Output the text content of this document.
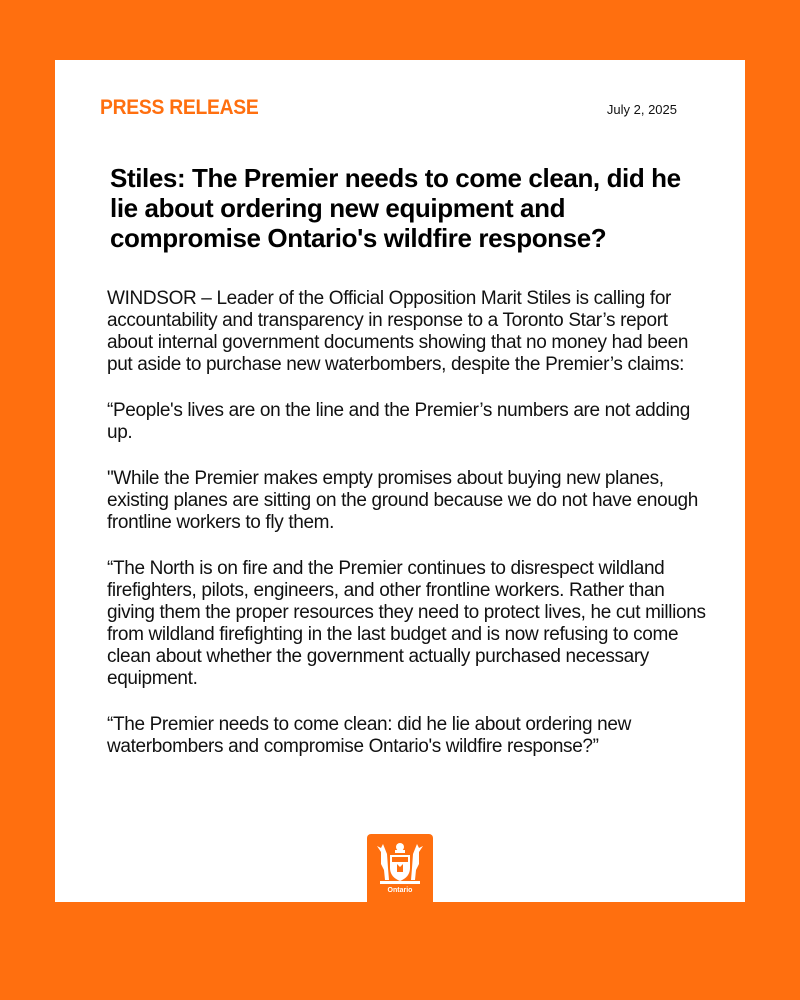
PRESS RELEASE	July 2, 2025
Stiles: The Premier needs to come clean, did he lie about ordering new equipment and compromise Ontario's wildfire response?

WINDSOR – Leader of the Official Opposition Marit Stiles is calling for accountability and transparency in response to a Toronto Star’s report about internal government documents showing that no money had been put aside to purchase new waterbombers, despite the Premier’s claims:

“People's lives are on the line and the Premier’s numbers are not adding up.

"While the Premier makes empty promises about buying new planes, existing planes are sitting on the ground because we do not have enough frontline workers to fly them.

“The North is on fire and the Premier continues to disrespect wildland firefighters, pilots, engineers, and other frontline workers. Rather than giving them the proper resources they need to protect lives, he cut millions from wildland firefighting in the last budget and is now refusing to come clean about whether the government actually purchased necessary equipment.

“The Premier needs to come clean: did he lie about ordering new waterbombers and compromise Ontario's wildfire response?”

Ontario
